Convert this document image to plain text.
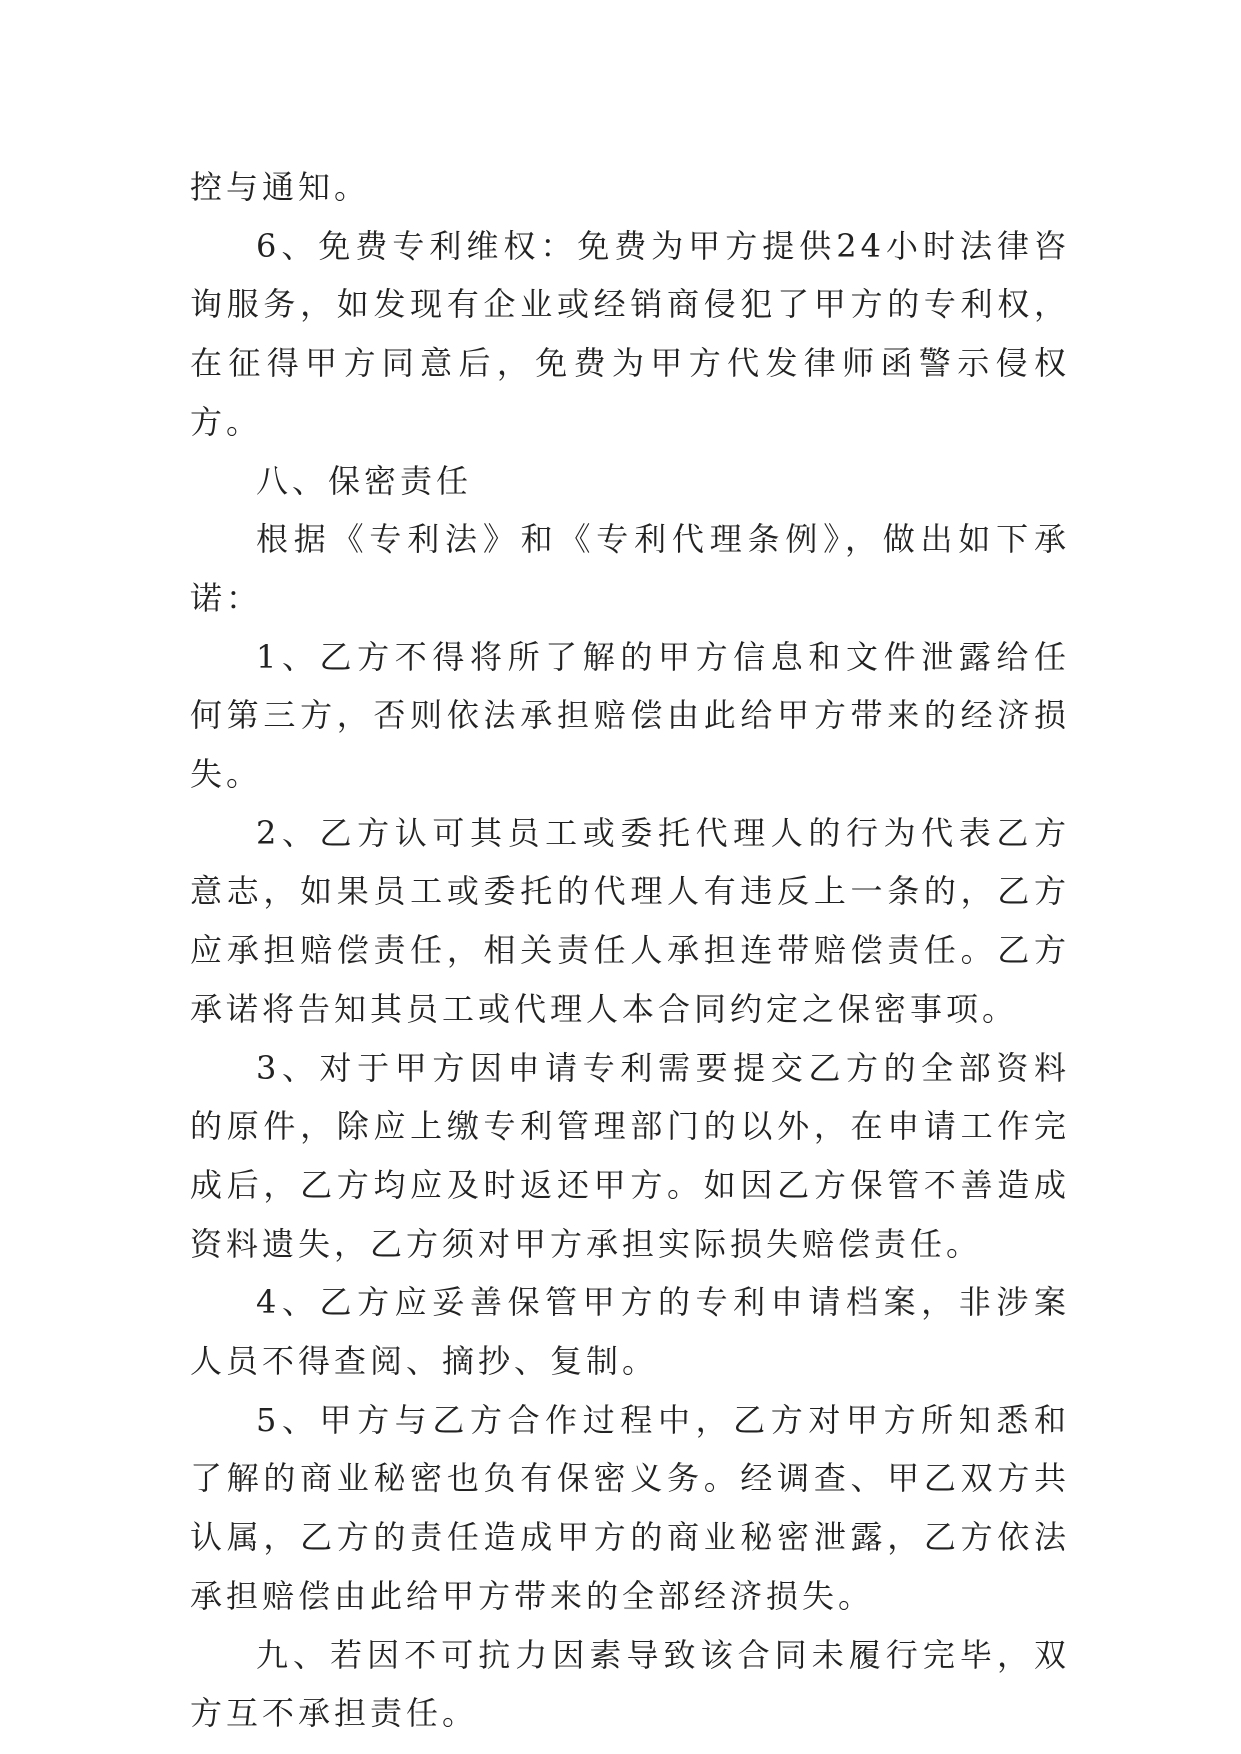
控与通知。

6、免费专利维权：免费为甲方提供24小时法律咨询服务，如发现有企业或经销商侵犯了甲方的专利权，在征得甲方同意后，免费为甲方代发律师函警示侵权方。

八、保密责任

根据《专利法》和《专利代理条例》，做出如下承诺：

1、乙方不得将所了解的甲方信息和文件泄露给任何第三方，否则依法承担赔偿由此给甲方带来的经济损失。

2、乙方认可其员工或委托代理人的行为代表乙方意志，如果员工或委托的代理人有违反上一条的，乙方应承担赔偿责任，相关责任人承担连带赔偿责任。乙方承诺将告知其员工或代理人本合同约定之保密事项。

3、对于甲方因申请专利需要提交乙方的全部资料的原件，除应上缴专利管理部门的以外，在申请工作完成后，乙方均应及时返还甲方。如因乙方保管不善造成资料遗失，乙方须对甲方承担实际损失赔偿责任。

4、乙方应妥善保管甲方的专利申请档案，非涉案人员不得查阅、摘抄、复制。

5、甲方与乙方合作过程中，乙方对甲方所知悉和了解的商业秘密也负有保密义务。经调查、甲乙双方共认属，乙方的责任造成甲方的商业秘密泄露，乙方依法承担赔偿由此给甲方带来的全部经济损失。

九、若因不可抗力因素导致该合同未履行完毕，双方互不承担责任。
